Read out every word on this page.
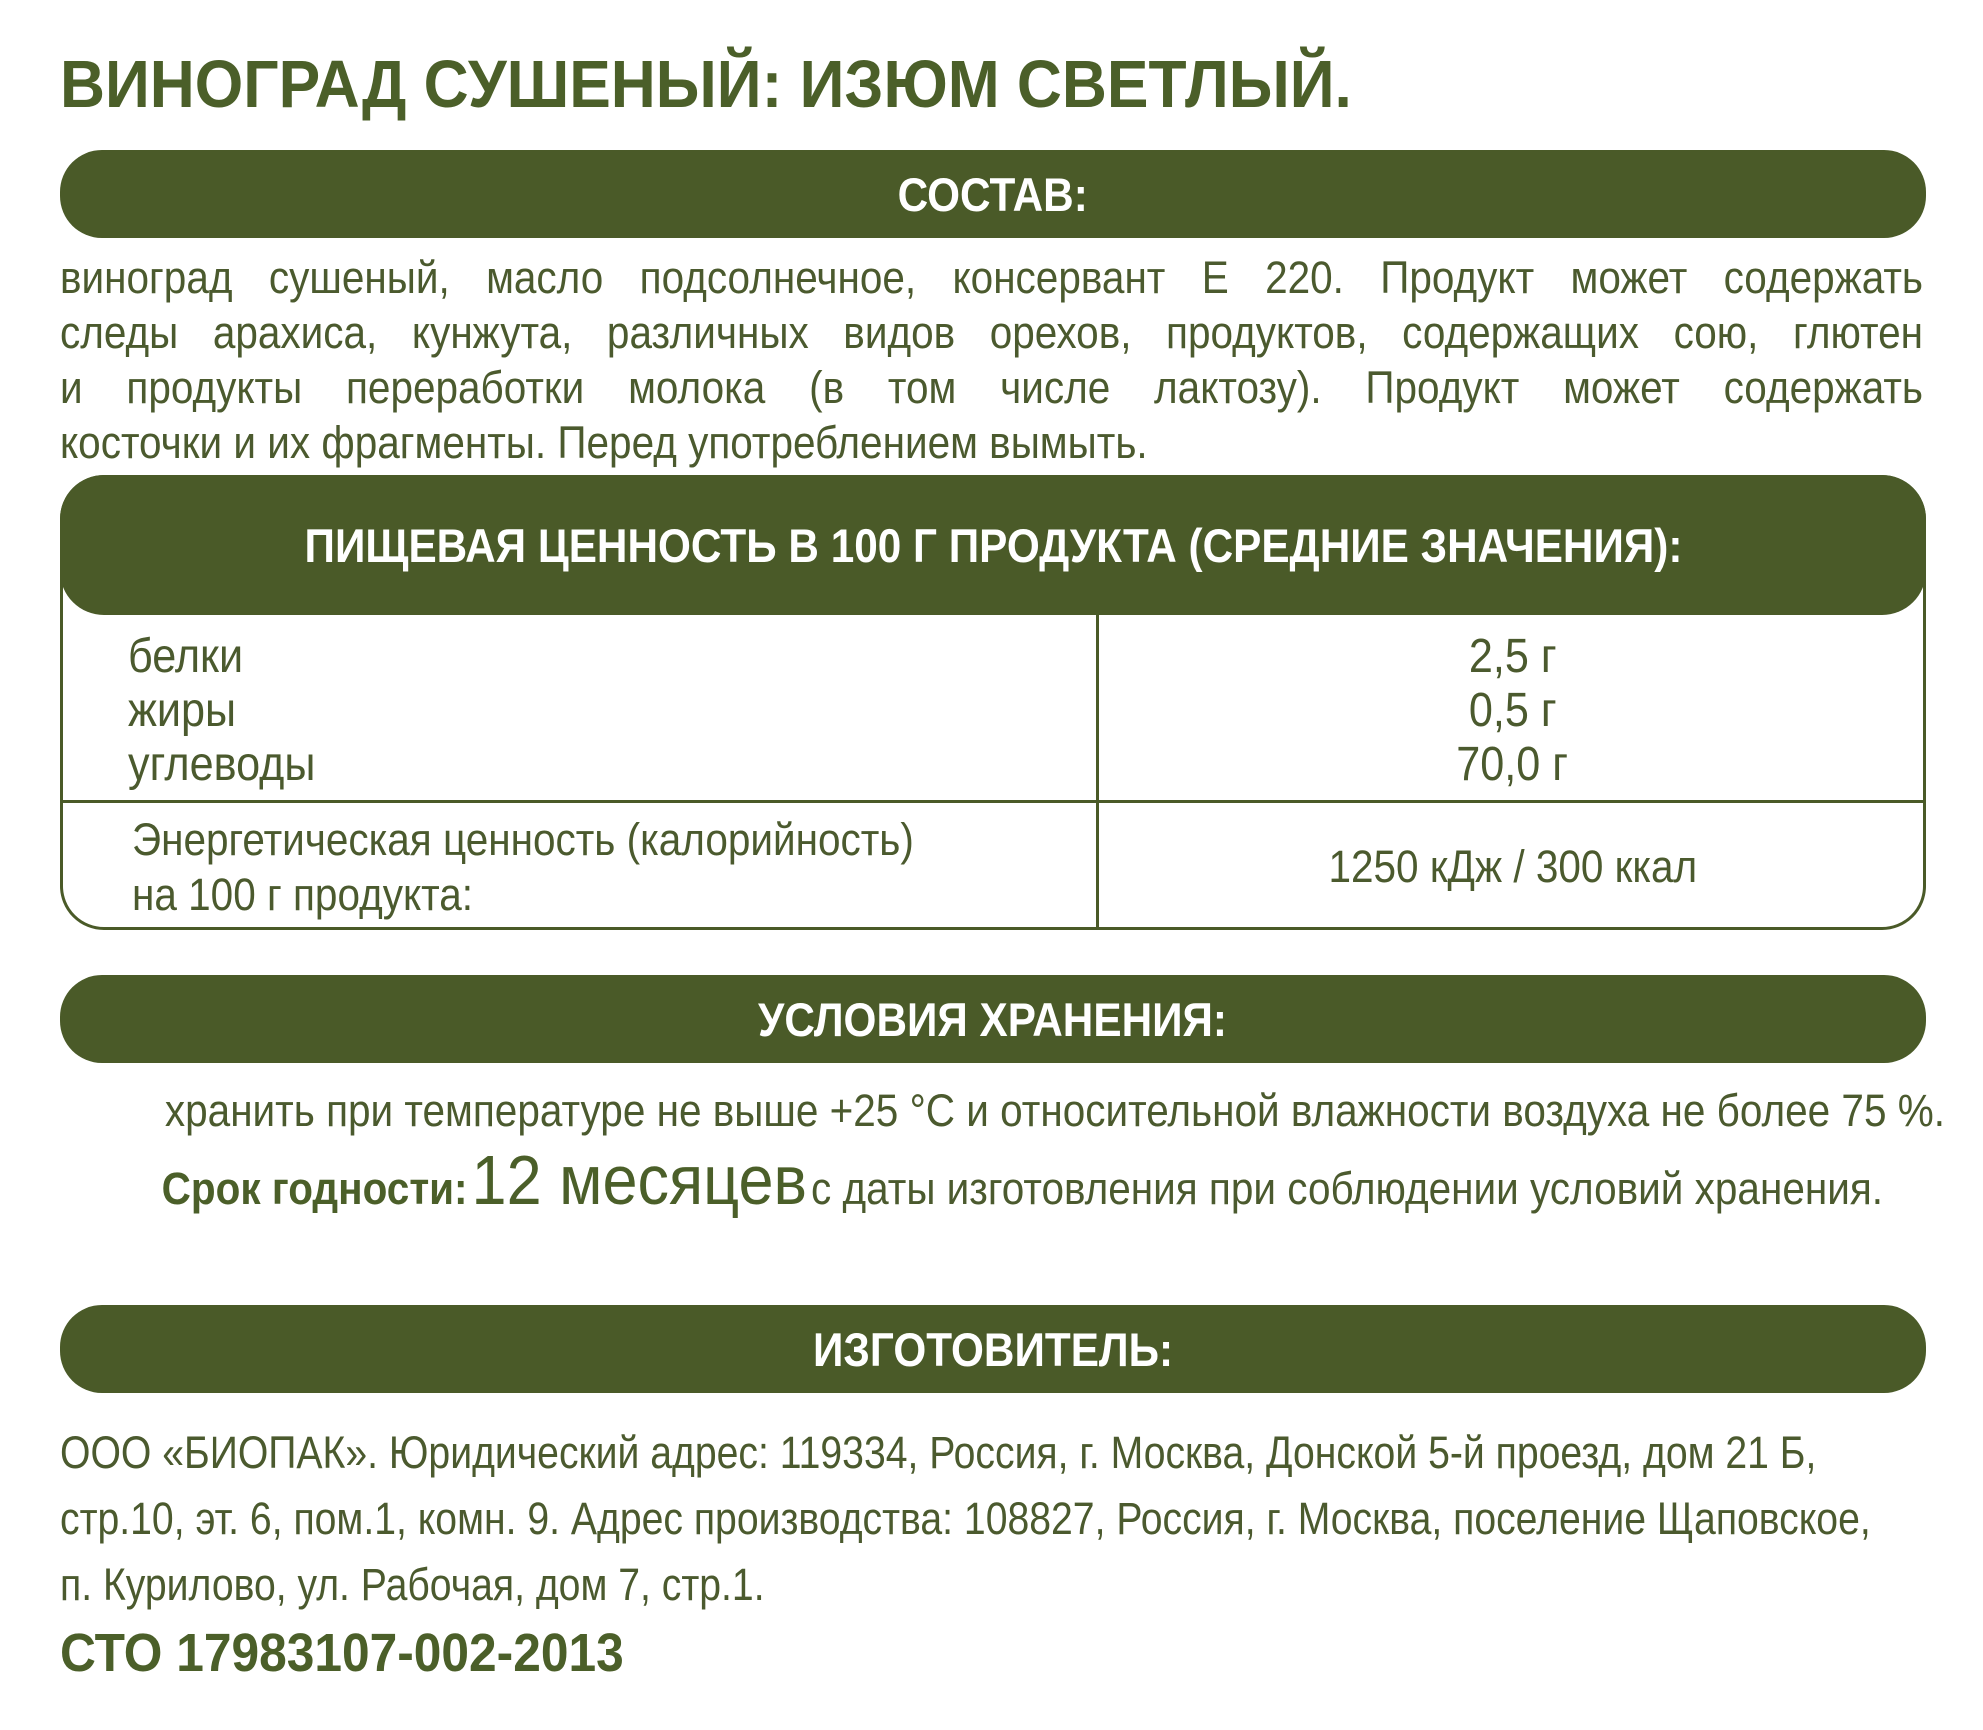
ВИНОГРАД СУШЕНЫЙ: ИЗЮМ СВЕТЛЫЙ.
СОСТАВ:
виноград сушеный, масло подсолнечное, консервант Е 220. Продукт может содержать
следы арахиса, кунжута, различных видов орехов, продуктов, содержащих сою, глютен
и продукты переработки молока (в том числе лактозу). Продукт может содержать
косточки и их фрагменты. Перед употреблением вымыть.
ПИЩЕВАЯ ЦЕННОСТЬ В 100 Г ПРОДУКТА (СРЕДНИЕ ЗНАЧЕНИЯ):
белки
жиры
углеводы
2,5 г
0,5 г
70,0 г
Энергетическая ценность (калорийность)
на 100 г продукта:
1250 кДж / 300 ккал
УСЛОВИЯ ХРАНЕНИЯ:
хранить при температуре не выше +25 °С и относительной влажности воздуха не более 75 %.
Срок годности: 12 месяцев с даты изготовления при соблюдении условий хранения.
ИЗГОТОВИТЕЛЬ:
ООО «БИОПАК». Юридический адрес: 119334, Россия, г. Москва, Донской 5-й проезд, дом 21 Б,
стр.10, эт. 6, пом.1, комн. 9. Адрес производства: 108827, Россия, г. Москва, поселение Щаповское,
п. Курилово, ул. Рабочая, дом 7, стр.1.
СТО 17983107-002-2013
